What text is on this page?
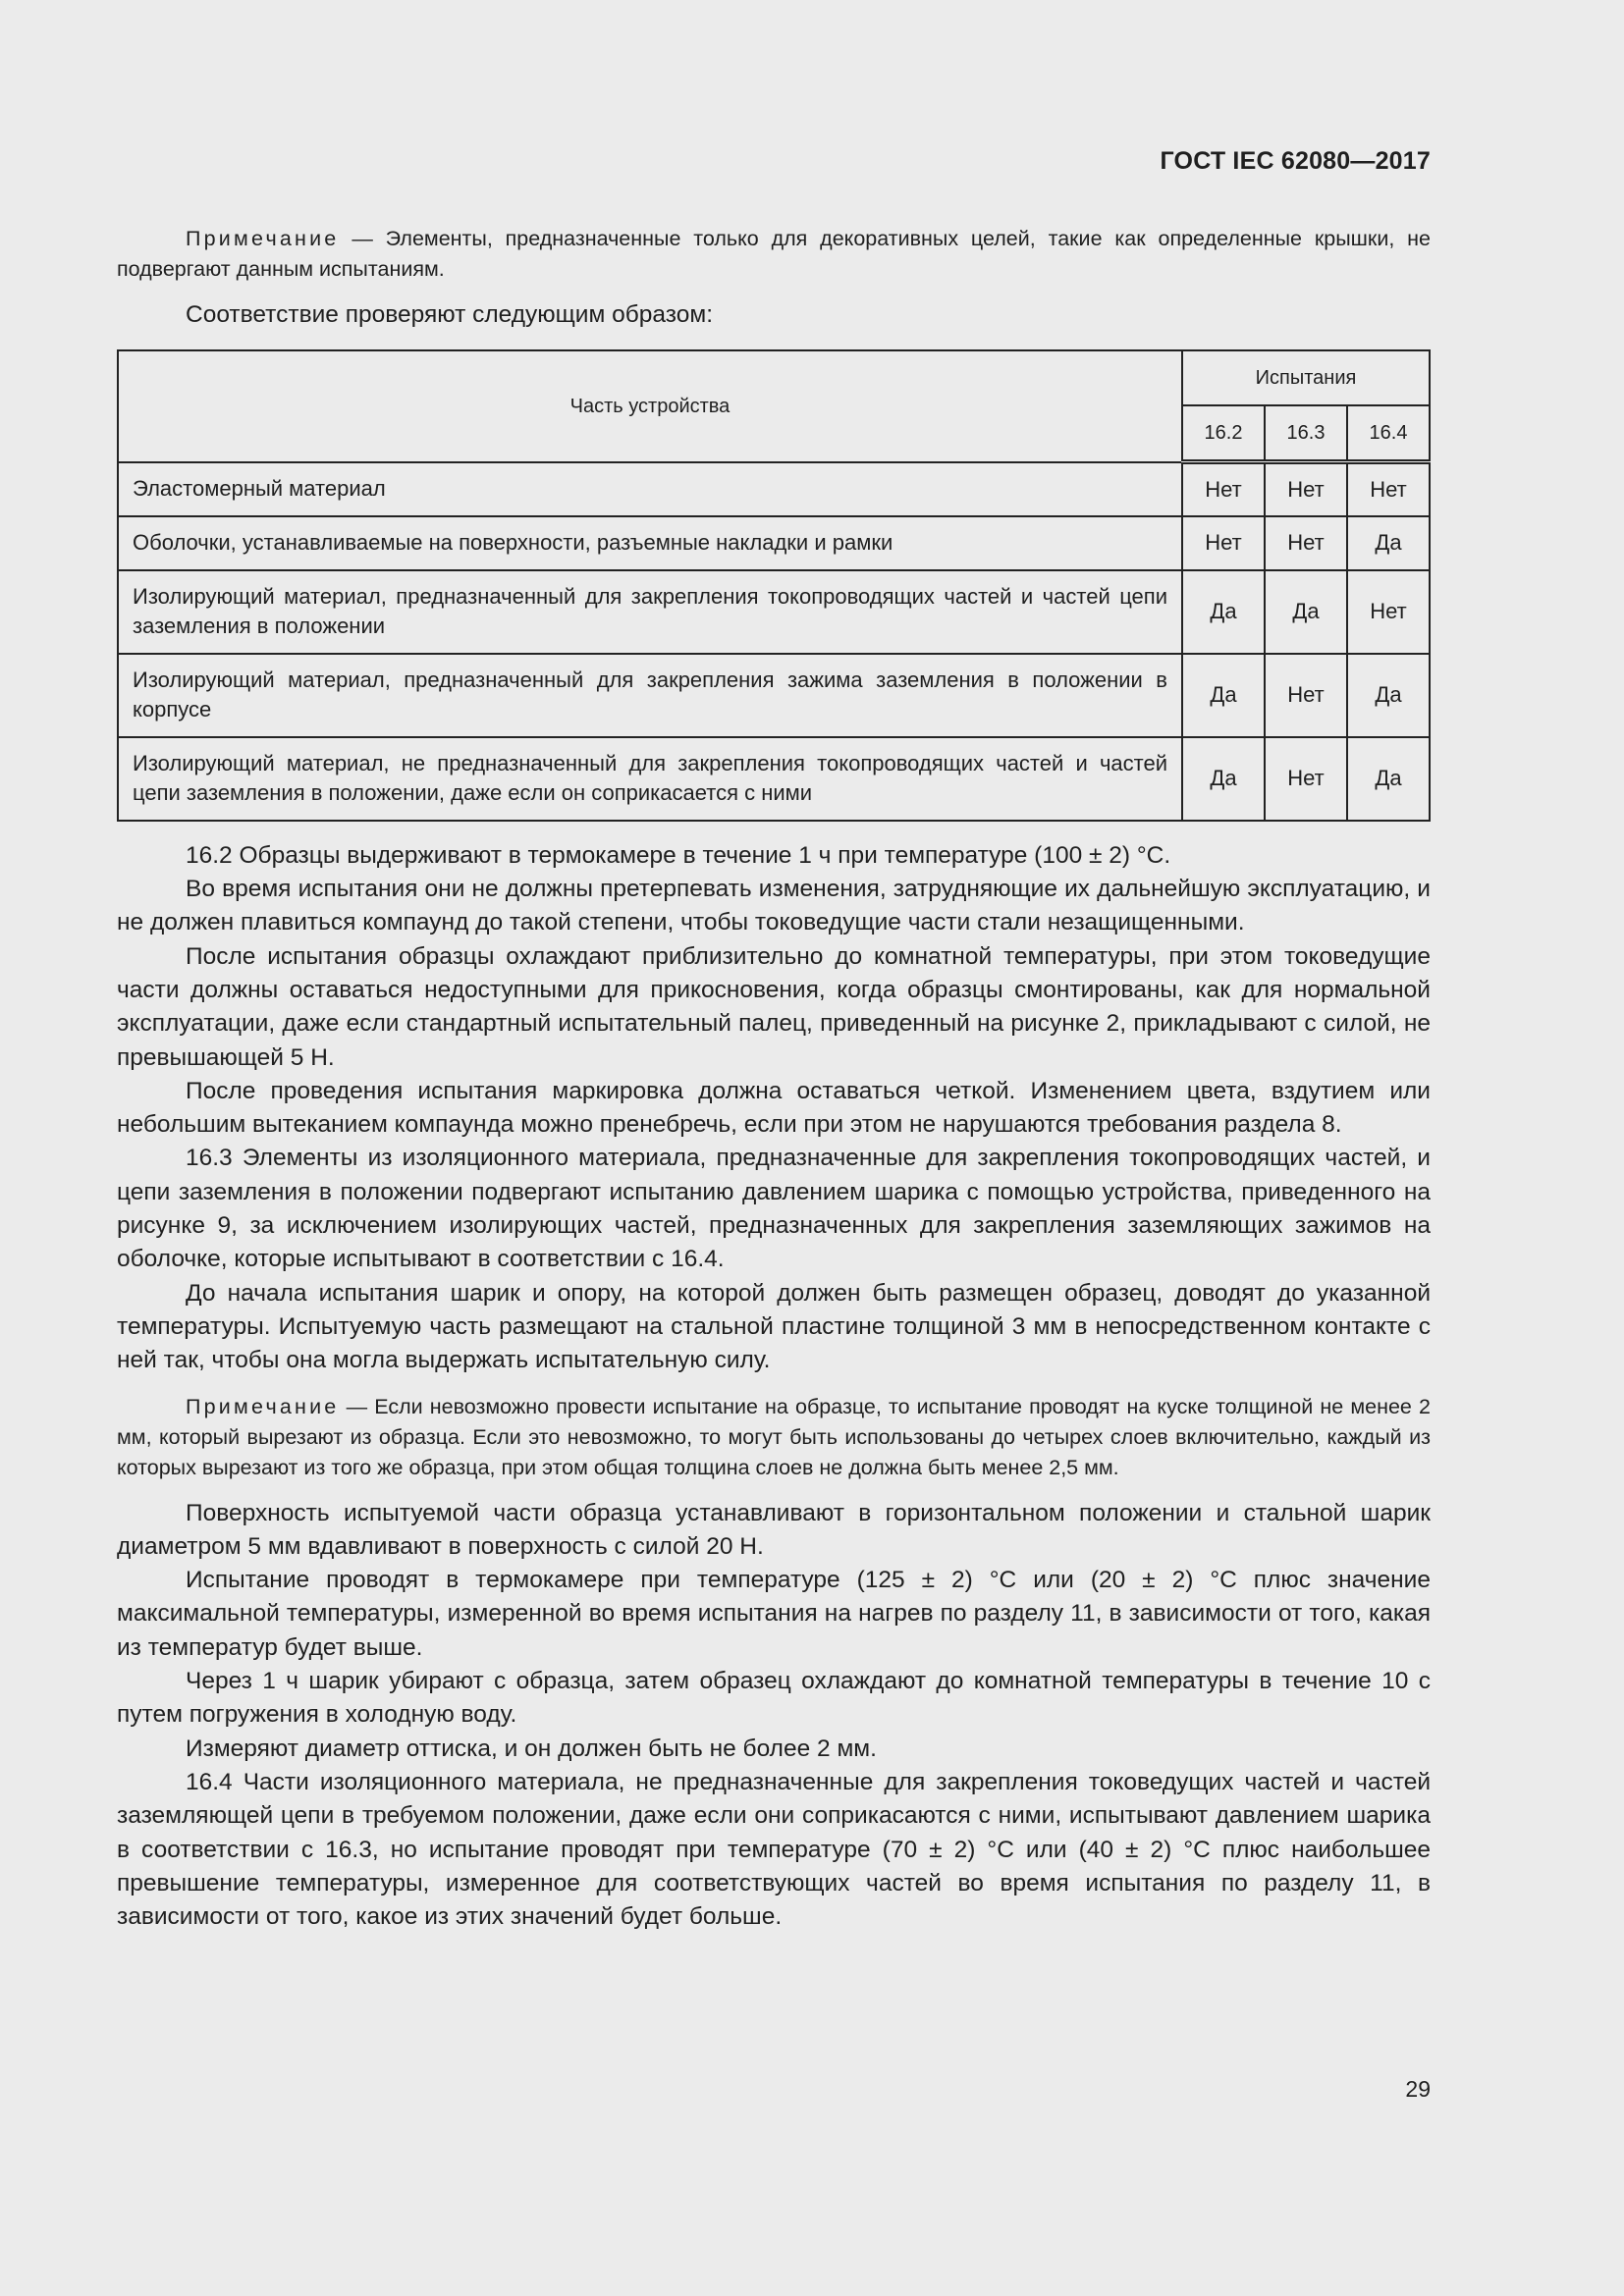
ГОСТ IEC 62080—2017

Примечание — Элементы, предназначенные только для декоративных целей, такие как определенные крышки, не подвергают данным испытаниям.

Соответствие проверяют следующим образом:

Часть устройства	Испытания		
	16.2	16.3	16.4
Эластомерный материал	Нет	Нет	Нет
Оболочки, устанавливаемые на поверхности, разъемные накладки и рамки	Нет	Нет	Да
Изолирующий материал, предназначенный для закрепления токопроводящих частей и частей цепи заземления в положении	Да	Да	Нет
Изолирующий материал, предназначенный для закрепления зажима заземления в положении в корпусе	Да	Нет	Да
Изолирующий материал, не предназначенный для закрепления токопроводящих частей и частей цепи заземления в положении, даже если он соприкасается с ними	Да	Нет	Да

16.2 Образцы выдерживают в термокамере в течение 1 ч при температуре (100 ± 2) °С.

Во время испытания они не должны претерпевать изменения, затрудняющие их дальнейшую эксплуатацию, и не должен плавиться компаунд до такой степени, чтобы токоведущие части стали незащищенными.

После испытания образцы охлаждают приблизительно до комнатной температуры, при этом токоведущие части должны оставаться недоступными для прикосновения, когда образцы смонтированы, как для нормальной эксплуатации, даже если стандартный испытательный палец, приведенный на рисунке 2, прикладывают с силой, не превышающей 5 Н.

После проведения испытания маркировка должна оставаться четкой. Изменением цвета, вздутием или небольшим вытеканием компаунда можно пренебречь, если при этом не нарушаются требования раздела 8.

16.3 Элементы из изоляционного материала, предназначенные для закрепления токопроводящих частей, и цепи заземления в положении подвергают испытанию давлением шарика с помощью устройства, приведенного на рисунке 9, за исключением изолирующих частей, предназначенных для закрепления заземляющих зажимов на оболочке, которые испытывают в соответствии с 16.4.

До начала испытания шарик и опору, на которой должен быть размещен образец, доводят до указанной температуры. Испытуемую часть размещают на стальной пластине толщиной 3 мм в непосредственном контакте с ней так, чтобы она могла выдержать испытательную силу.

Примечание — Если невозможно провести испытание на образце, то испытание проводят на куске толщиной не менее 2 мм, который вырезают из образца. Если это невозможно, то могут быть использованы до четырех слоев включительно, каждый из которых вырезают из того же образца, при этом общая толщина слоев не должна быть менее 2,5 мм.

Поверхность испытуемой части образца устанавливают в горизонтальном положении и стальной шарик диаметром 5 мм вдавливают в поверхность с силой 20 Н.

Испытание проводят в термокамере при температуре (125 ± 2) °С или (20 ± 2) °С плюс значение максимальной температуры, измеренной во время испытания на нагрев по разделу 11, в зависимости от того, какая из температур будет выше.

Через 1 ч шарик убирают с образца, затем образец охлаждают до комнатной температуры в течение 10 с путем погружения в холодную воду.

Измеряют диаметр оттиска, и он должен быть не более 2 мм.

16.4 Части изоляционного материала, не предназначенные для закрепления токоведущих частей и частей заземляющей цепи в требуемом положении, даже если они соприкасаются с ними, испытывают давлением шарика в соответствии с 16.3, но испытание проводят при температуре (70 ± 2) °С или (40 ± 2) °С плюс наибольшее превышение температуры, измеренное для соответствующих частей во время испытания по разделу 11, в зависимости от того, какое из этих значений будет больше.

29
